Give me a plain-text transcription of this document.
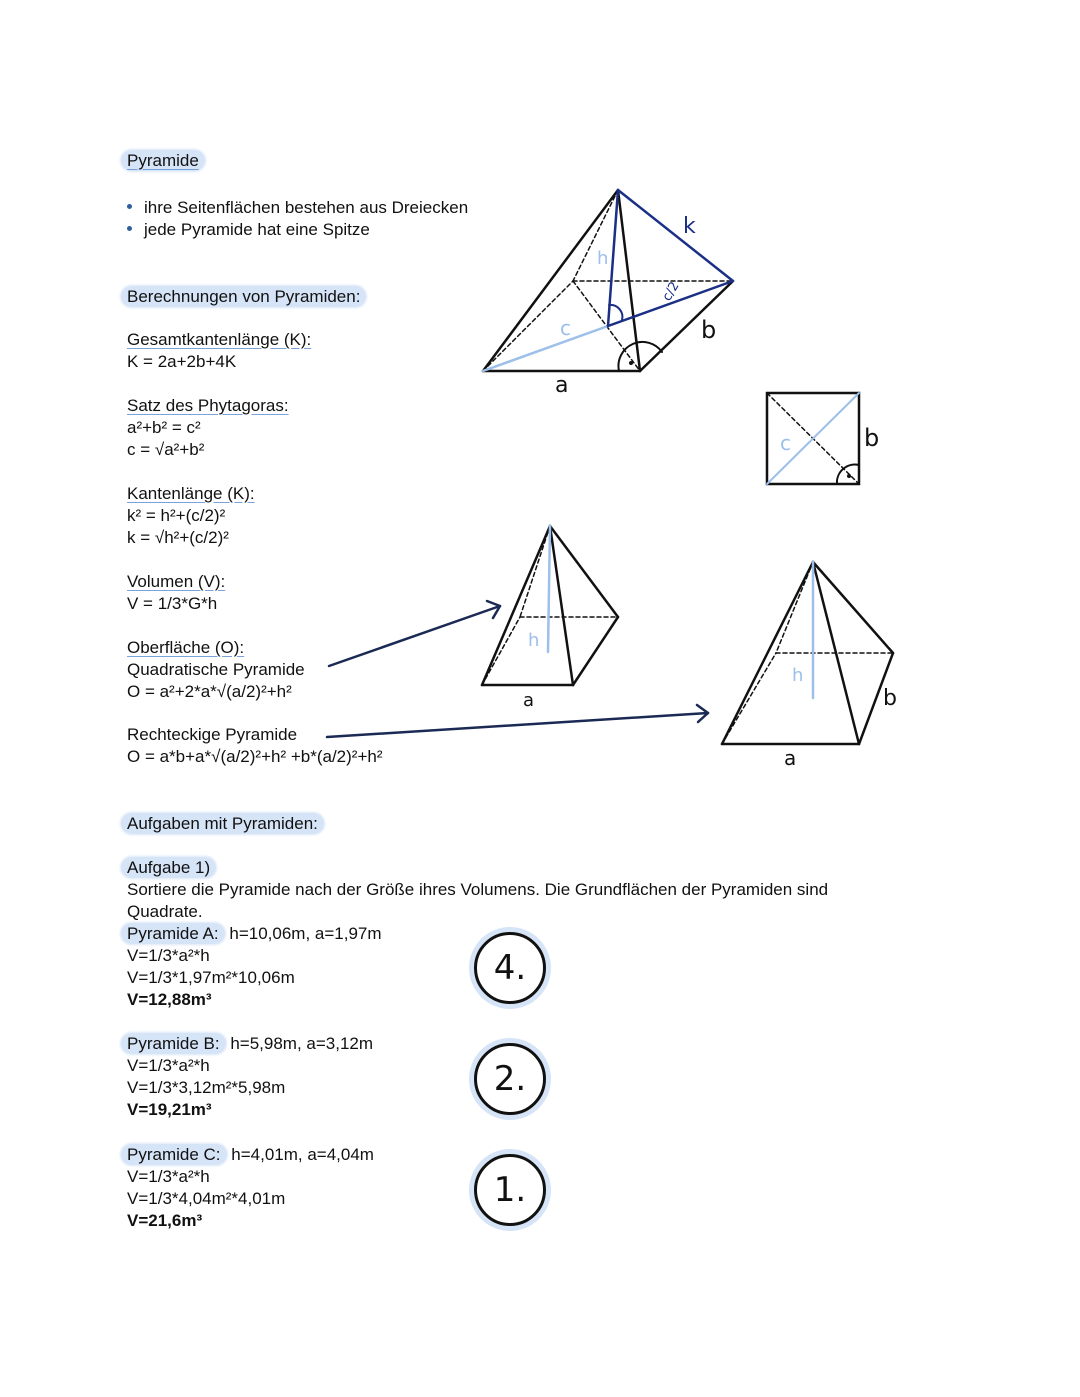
Pyramide
ihre Seitenflächen bestehen aus Dreiecken
jede Pyramide hat eine Spitze
Berechnungen von Pyramiden:
Gesamtkantenlänge (K):
K = 2a+2b+4K
Satz des Phytagoras:
a²+b² = c²
c = √a²+b²
Kantenlänge (K):
k² = h²+(c/2)²
k = √h²+(c/2)²
Volumen (V):
V = 1/3*G*h
Oberfläche (O):
Quadratische Pyramide
O = a²+2*a*√(a/2)²+h²
Rechteckige Pyramide
O = a*b+a*√(a/2)²+h² +b*(a/2)²+h²
Aufgaben mit Pyramiden:
Aufgabe 1)
Sortiere die Pyramide nach der Größe ihres Volumens. Die Grundflächen der Pyramiden sind
Quadrate.
Pyramide A: h=10,06m, a=1,97m
V=1/3*a²*h
V=1/3*1,97m²*10,06m
V=12,88m³
4.
Pyramide B: h=5,98m, a=3,12m
V=1/3*a²*h
V=1/3*3,12m²*5,98m
V=19,21m³
2.
Pyramide C: h=4,01m, a=4,04m
V=1/3*a²*h
V=1/3*4,04m²*4,01m
V=21,6m³
1.
k
h
c/2
c	b
a
c	b
h
a
h
b
a
